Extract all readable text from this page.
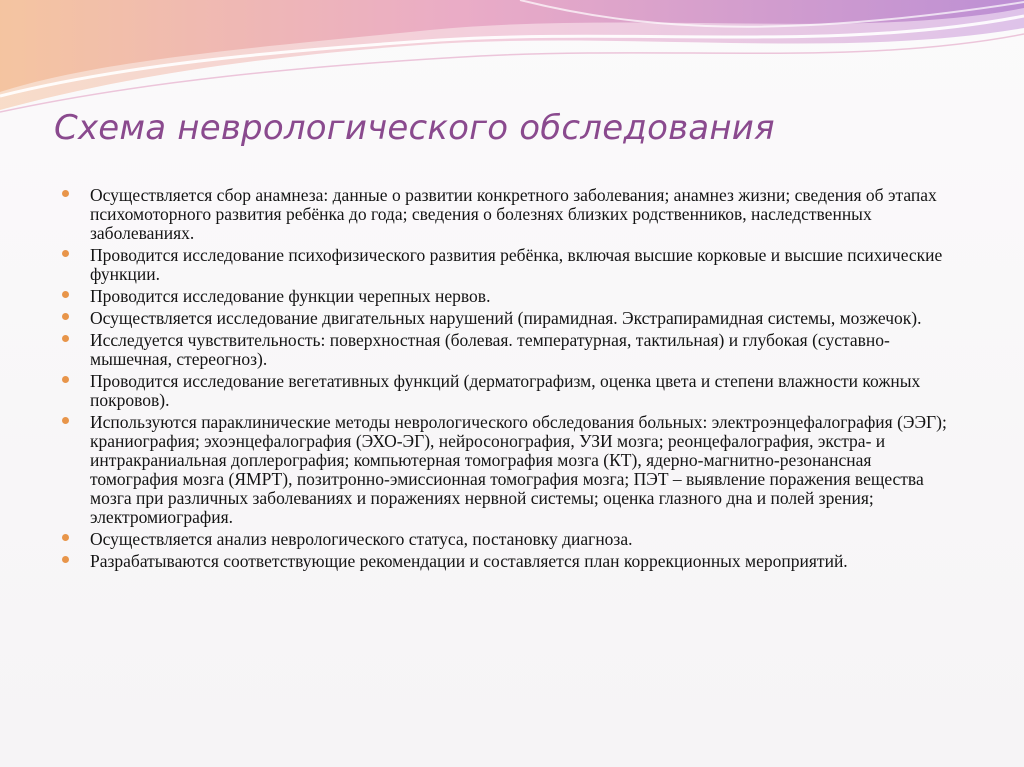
Схема неврологического обследования
Осуществляется сбор анамнеза: данные о развитии конкретного заболевания; анамнез жизни; сведения об этапах психомоторного развития ребёнка до года; сведения о болезнях близких родственников, наследственных заболеваниях.
Проводится исследование психофизического развития ребёнка, включая высшие корковые и высшие психические функции.
Проводится исследование функции черепных нервов.
Осуществляется исследование двигательных нарушений (пирамидная. Экстрапирамидная системы, мозжечок).
Исследуется чувствительность: поверхностная (болевая. температурная, тактильная) и глубокая (суставно-мышечная, стереогноз).
Проводится исследование вегетативных функций (дерматографизм, оценка цвета и степени влажности кожных покровов).
Используются параклинические методы неврологического обследования больных: электроэнцефалография (ЭЭГ); краниография; эхоэнцефалография (ЭХО-ЭГ), нейросонография, УЗИ мозга; реонцефалография, экстра- и интракраниальная доплерография; компьютерная томография мозга (КТ), ядерно-магнитно-резонансная томография мозга (ЯМРТ), позитронно-эмиссионная томография мозга; ПЭТ – выявление поражения вещества мозга при различных заболеваниях и поражениях нервной системы; оценка глазного дна и полей зрения; электромиография.
Осуществляется анализ неврологического статуса, постановку диагноза.
Разрабатываются соответствующие рекомендации и составляется план коррекционных мероприятий.
